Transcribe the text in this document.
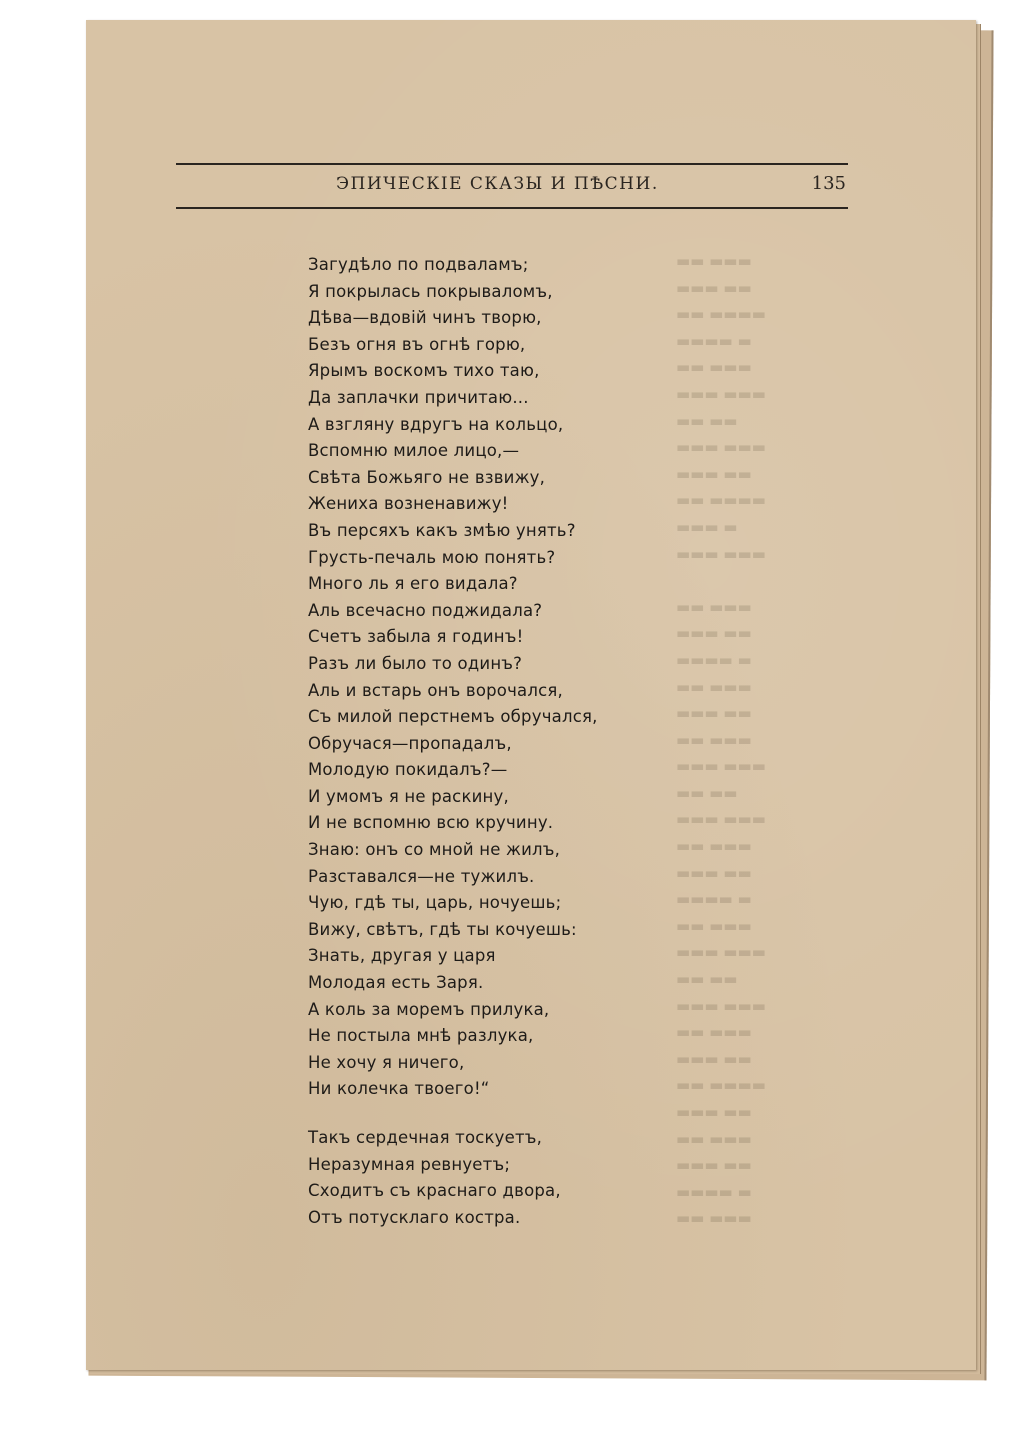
▬▬ ▬▬▬
▬▬▬ ▬▬
▬▬ ▬▬▬▬
▬▬▬▬ ▬
▬▬ ▬▬▬
▬▬▬ ▬▬▬
▬▬ ▬▬
▬▬▬ ▬▬▬
▬▬▬ ▬▬
▬▬ ▬▬▬▬
▬▬▬ ▬
▬▬▬ ▬▬▬

▬▬ ▬▬▬
▬▬▬ ▬▬
▬▬▬▬ ▬
▬▬ ▬▬▬
▬▬▬ ▬▬
▬▬ ▬▬▬
▬▬▬ ▬▬▬
▬▬ ▬▬
▬▬▬ ▬▬▬
▬▬ ▬▬▬
▬▬▬ ▬▬
▬▬▬▬ ▬
▬▬ ▬▬▬
▬▬▬ ▬▬▬
▬▬ ▬▬
▬▬▬ ▬▬▬
▬▬ ▬▬▬
▬▬▬ ▬▬
▬▬ ▬▬▬▬
▬▬▬ ▬▬
▬▬ ▬▬▬
▬▬▬ ▬▬
▬▬▬▬ ▬
▬▬ ▬▬▬
ЭПИЧЕСКIЕ СКАЗЫ И ПѢСНИ.	135
Загудѣло по подваламъ;
Я покрылась покрываломъ,
Дѣва—вдовiй чинъ творю,
Безъ огня въ огнѣ горю,
Ярымъ воскомъ тихо таю,
Да заплачки причитаю...
А взгляну вдругъ на кольцо,
Вспомню милое лицо,—
Свѣта Божьяго не взвижу,
Жениха возненавижу!
Въ персяхъ какъ змѣю унять?
Грусть-печаль мою понять?
Много ль я его видала?
Аль всечасно поджидала?
Счетъ забыла я годинъ!
Разъ ли было то одинъ?
Аль и встарь онъ ворочался,
Съ милой перстнемъ обручался,
Обручася—пропадалъ,
Молодую покидалъ?—
И умомъ я не раскину,
И не вспомню всю кручину.
Знаю: онъ со мной не жилъ,
Разставался—не тужилъ.
Чую, гдѣ ты, царь, ночуешь;
Вижу, свѣтъ, гдѣ ты кочуешь:
Знать, другая у царя
Молодая есть Заря.
А коль за моремъ прилука,
Не постыла мнѣ разлука,
Не хочу я ничего,
Ни колечка твоего!“
Такъ сердечная тоскуетъ,
Неразумная ревнуетъ;
Сходитъ съ краснаго двора,
Отъ потусклаго костра.
